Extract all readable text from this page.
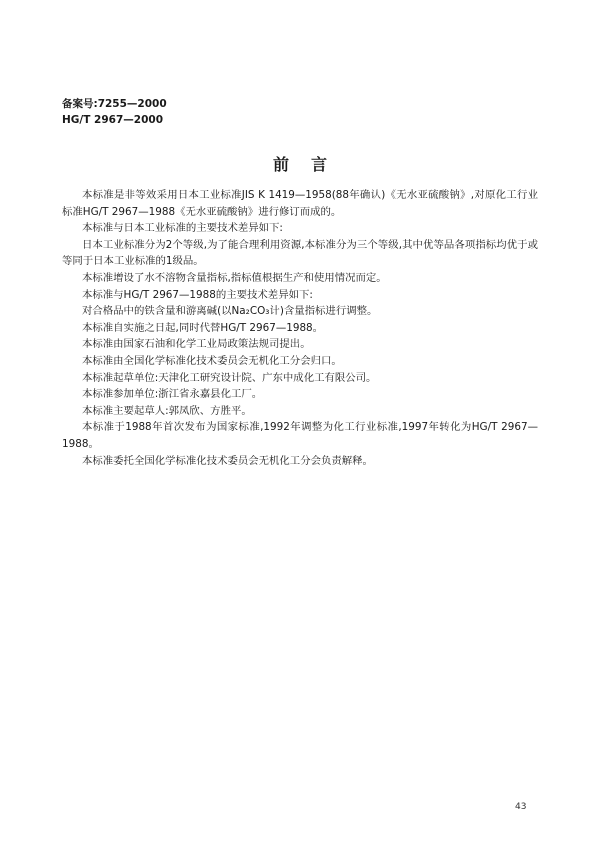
备案号:7255—2000
HG/T 2967—2000
前言

本标准是非等效采用日本工业标准JIS K 1419—1958(88年确认)《无水亚硫酸钠》,对原化工行业标准HG/T 2967—1988《无水亚硫酸钠》进行修订而成的。

本标准与日本工业标准的主要技术差异如下:

日本工业标准分为2个等级,为了能合理利用资源,本标准分为三个等级,其中优等品各项指标均优于或等同于日本工业标准的1级品。

本标准增设了水不溶物含量指标,指标值根据生产和使用情况而定。

本标准与HG/T 2967—1988的主要技术差异如下:

对合格品中的铁含量和游离碱(以Na₂CO₃计)含量指标进行调整。

本标准自实施之日起,同时代替HG/T 2967—1988。

本标准由国家石油和化学工业局政策法规司提出。

本标准由全国化学标准化技术委员会无机化工分会归口。

本标准起草单位:天津化工研究设计院、广东中成化工有限公司。

本标准参加单位:浙江省永嘉县化工厂。

本标准主要起草人:郭凤欣、方胜平。

本标准于1988年首次发布为国家标准,1992年调整为化工行业标准,1997年转化为HG/T 2967—1988。

本标准委托全国化学标准化技术委员会无机化工分会负责解释。

43
